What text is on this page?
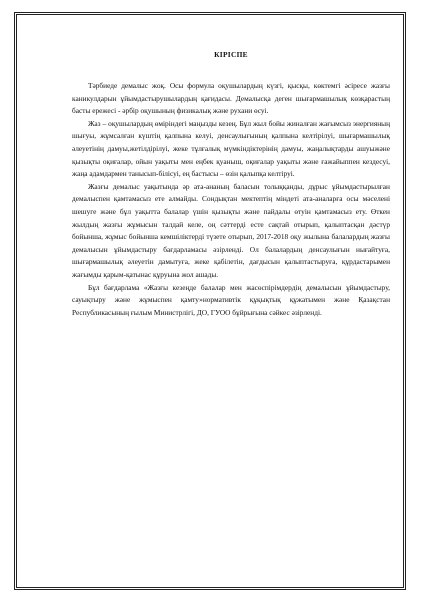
КІРІСПЕ

Тәрбиеде демалыс жоқ. Осы формула оқушылардың күзгі, қысқы, көктемгі әсіресе жазғы каникулдарын ұйымдастырушылардың қағидасы. Демалысқа деген шығармашылық көзқарастың басты ережесі - әрбір оқушының физикалық және рухани өсуі.

Жаз – оқушылардың өміріндегі маңызды кезең. Бұл жыл бойы жиналған жағымсыз энергияның шығуы, жұмсалған күштің қалпына келуі, денсаулығының қалпына келтірілуі, шығармашылық әлеуетінің дамуы,жетілдірілуі, жеке тұлғалық мүмкіндіктерінің дамуы, жаңалықтарды ашуыжәне қызықты оқиғалар, ойын уақыты мен еңбек қуаныш, оқиғалар уақыты және ғажайыппен кездесуі, жаңа адамдармен танысып-білісуі, ең бастысы – өзін қалыпқа келтіруі.

Жазғы демалыс уақытында әр ата-ананың баласын толыққанды, дұрыс ұйымдастырылған демалыспен қамтамасыз ете алмайды. Сондықтан мектептің міндеті ата-аналарға осы мәселені шешуге және бұл уақытта балалар үшін қызықты және пайдалы өтуін қамтамасыз ету. Өткен жылдың жазғы жұмысын талдай келе, оң сәттерді есте сақтай отырып, қалыптасқан дәстүр бойынша, жұмыс бойынша кемшіліктерді түзете отырып, 2017-2018 оқу жылына балалардың жазғы демалысын ұйымдастыру бағдарламасы әзірленді. Ол балалардың денсаулығын нығайтуға, шығармашылық әлеуетін дамытуға, жеке қабілетін, дағдысын қалыптастыруға, құрдастарымен жағымды қарым-қатынас құруына жол ашады.

Бұл бағдарлама «Жазғы кезеңде балалар мен жасөспірімдердің демалысын ұйымдастыру, сауықтыру және жұмыспен қамту»нормативтік құқықтық құжатымен және Қазақстан Республикасының ғылым Министрлігі, ДО, ГУОО бұйрығына сәйкес әзірленді.
